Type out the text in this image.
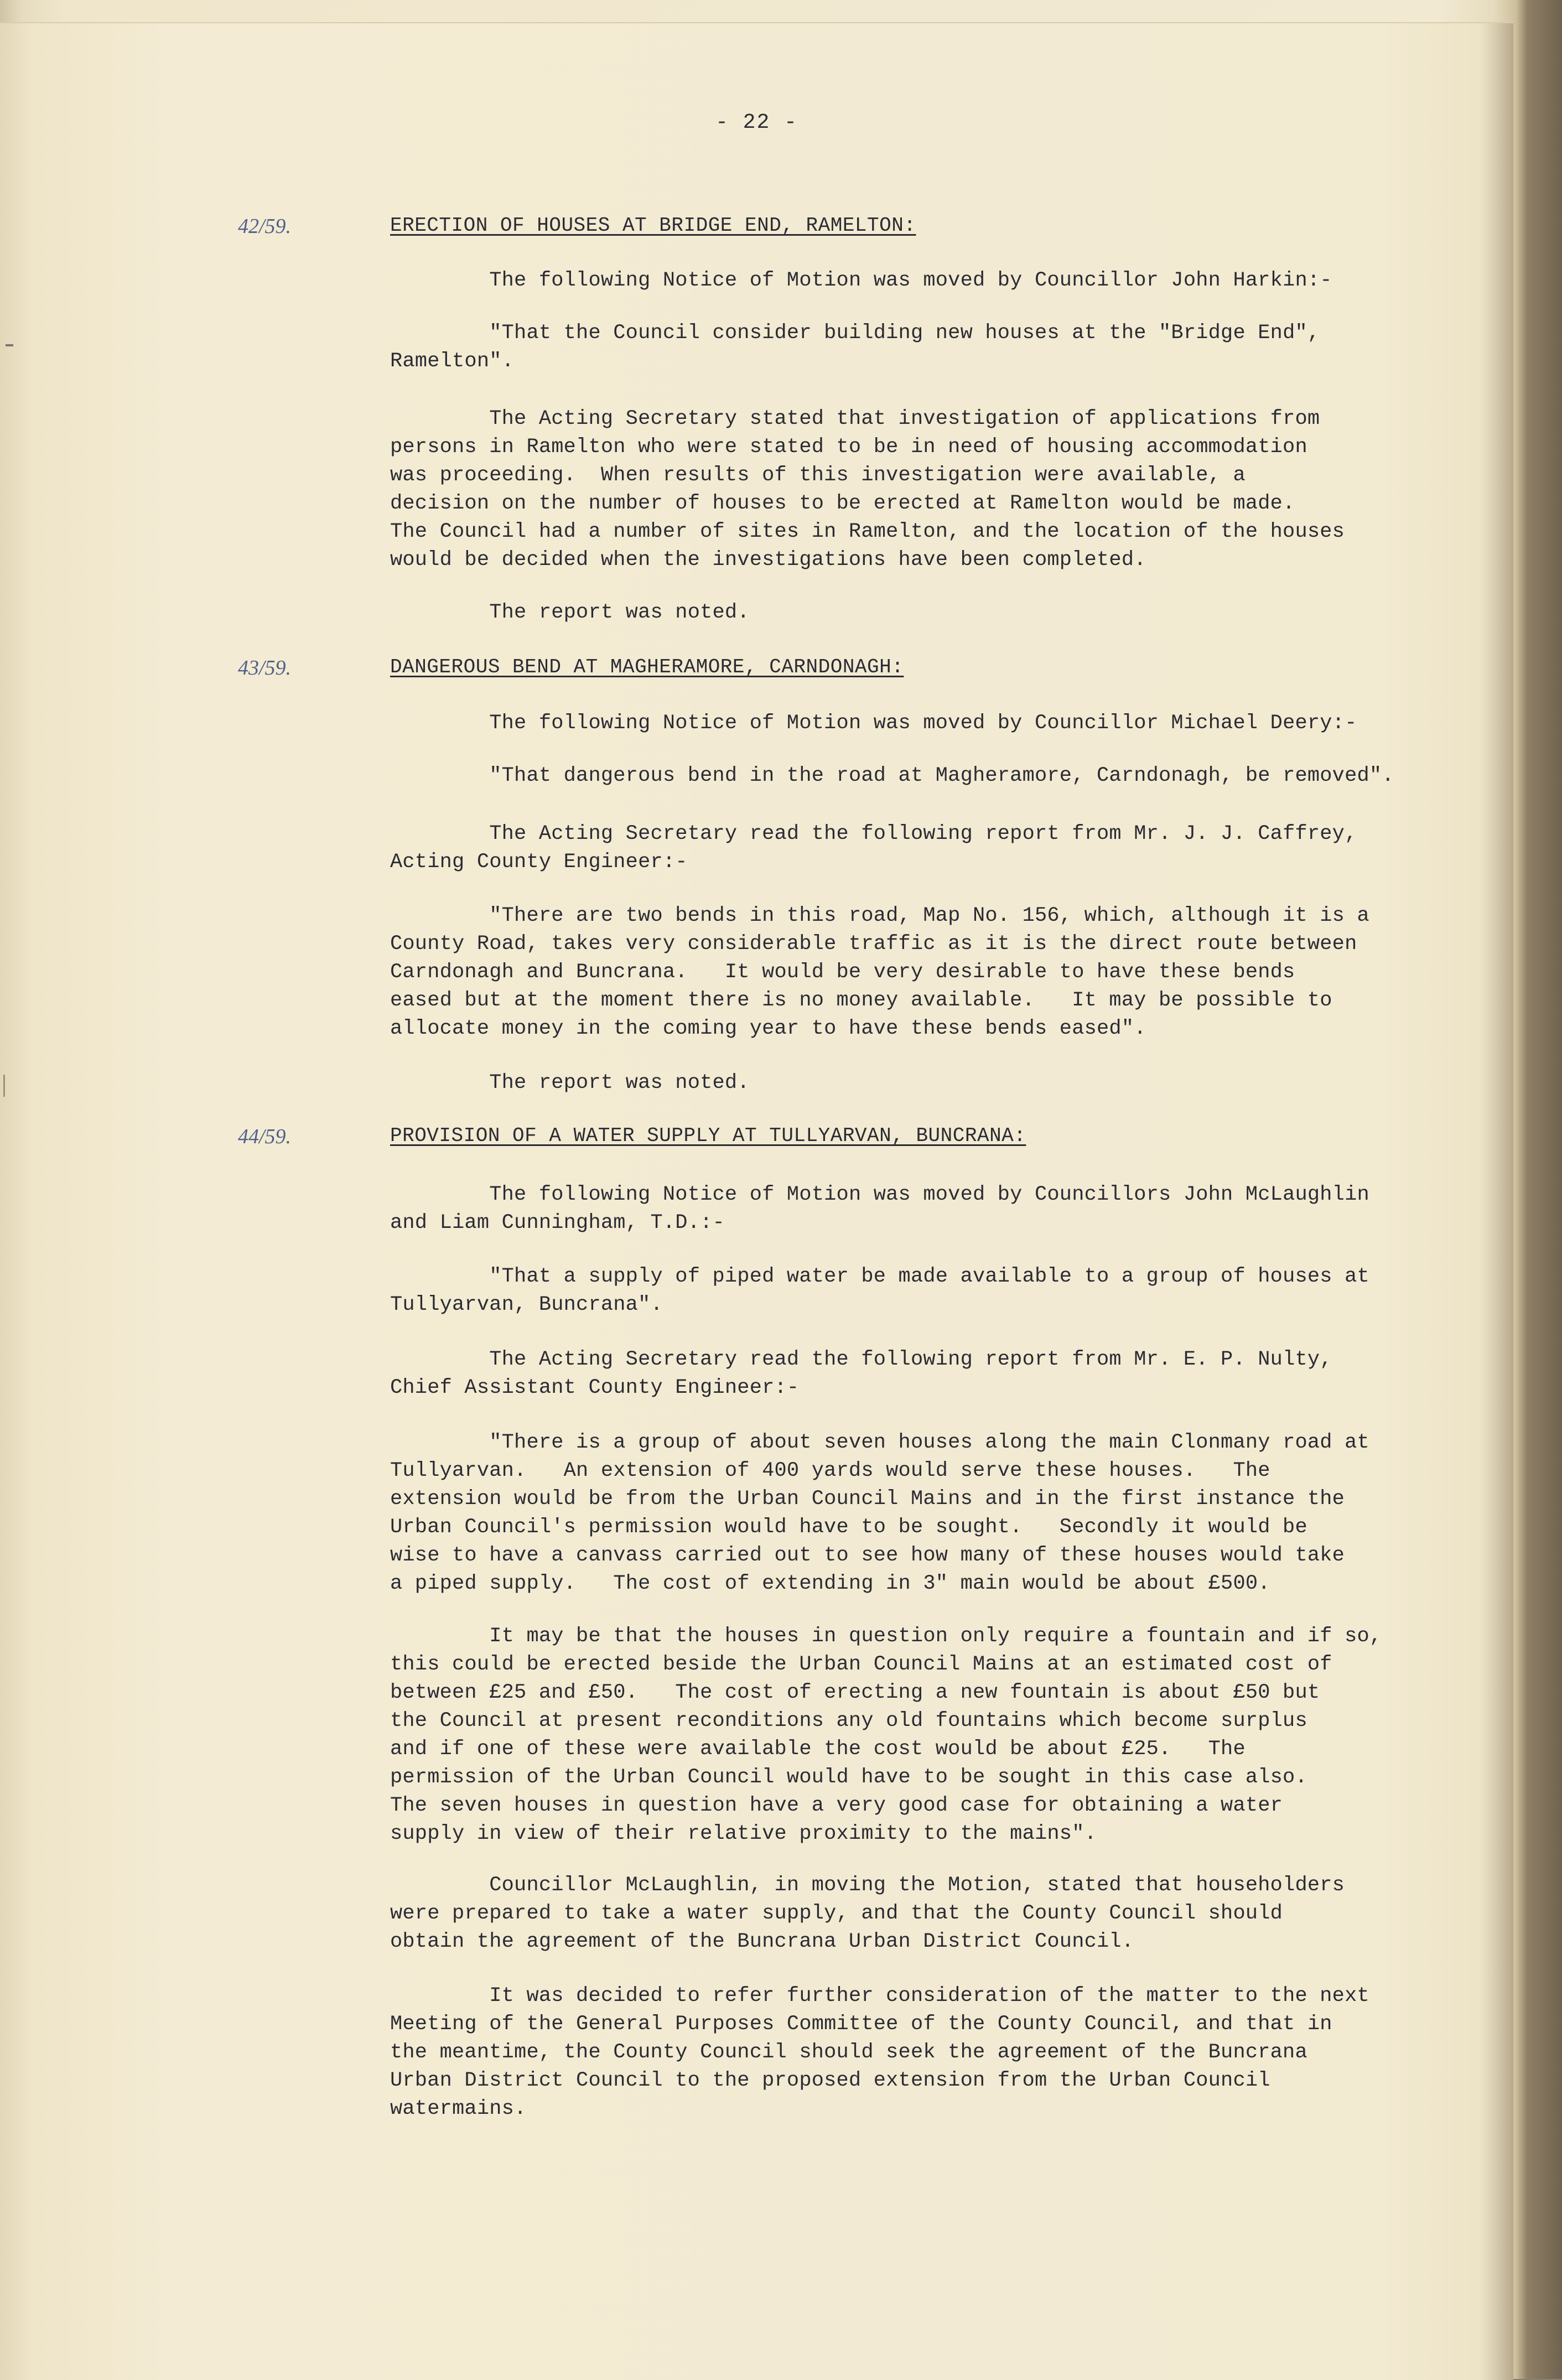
- 22 -
42/59.	ERECTION OF HOUSES AT BRIDGE END, RAMELTON:
The following Notice of Motion was moved by Councillor John Harkin:-
"That the Council consider building new houses at the "Bridge End",
Ramelton".
The Acting Secretary stated that investigation of applications from
persons in Ramelton who were stated to be in need of housing accommodation
was proceeding.  When results of this investigation were available, a
decision on the number of houses to be erected at Ramelton would be made.
The Council had a number of sites in Ramelton, and the location of the houses
would be decided when the investigations have been completed.
The report was noted.
43/59.	DANGEROUS BEND AT MAGHERAMORE, CARNDONAGH:
The following Notice of Motion was moved by Councillor Michael Deery:-
"That dangerous bend in the road at Magheramore, Carndonagh, be removed".
The Acting Secretary read the following report from Mr. J. J. Caffrey,
Acting County Engineer:-
"There are two bends in this road, Map No. 156, which, although it is a
County Road, takes very considerable traffic as it is the direct route between
Carndonagh and Buncrana.   It would be very desirable to have these bends
eased but at the moment there is no money available.   It may be possible to
allocate money in the coming year to have these bends eased".
The report was noted.
44/59.	PROVISION OF A WATER SUPPLY AT TULLYARVAN, BUNCRANA:
The following Notice of Motion was moved by Councillors John McLaughlin
and Liam Cunningham, T.D.:-
"That a supply of piped water be made available to a group of houses at
Tullyarvan, Buncrana".
The Acting Secretary read the following report from Mr. E. P. Nulty,
Chief Assistant County Engineer:-
"There is a group of about seven houses along the main Clonmany road at
Tullyarvan.   An extension of 400 yards would serve these houses.   The
extension would be from the Urban Council Mains and in the first instance the
Urban Council's permission would have to be sought.   Secondly it would be
wise to have a canvass carried out to see how many of these houses would take
a piped supply.   The cost of extending in 3" main would be about £500.
It may be that the houses in question only require a fountain and if so,
this could be erected beside the Urban Council Mains at an estimated cost of
between £25 and £50.   The cost of erecting a new fountain is about £50 but
the Council at present reconditions any old fountains which become surplus
and if one of these were available the cost would be about £25.   The
permission of the Urban Council would have to be sought in this case also.
The seven houses in question have a very good case for obtaining a water
supply in view of their relative proximity to the mains".
Councillor McLaughlin, in moving the Motion, stated that householders
were prepared to take a water supply, and that the County Council should
obtain the agreement of the Buncrana Urban District Council.
It was decided to refer further consideration of the matter to the next
Meeting of the General Purposes Committee of the County Council, and that in
the meantime, the County Council should seek the agreement of the Buncrana
Urban District Council to the proposed extension from the Urban Council
watermains.
